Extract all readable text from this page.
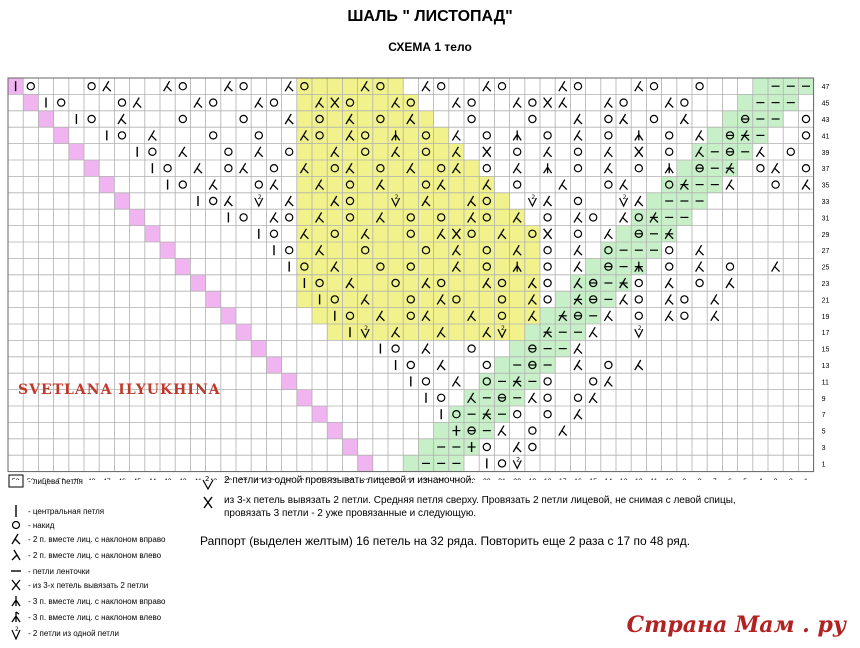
ШАЛЬ " ЛИСТОПАД"
СХЕМА 1 тело
2	2	2	2
2	2	2
2
47
45
43
41
39
37
35
33
31
29
27
25
23
21
19
17
15
13
11
9
7
5
3
1
SVETLANA ILYUKHINA
- лицева петля
- центральная петля
- накид
- 2 п. вместе лиц. с наклоном вправо
- 2 п. вместе лиц. с наклоном влево
- петли ленточки
- из 3-х петель вывязать 2 петли
- 3 п. вместе лиц. с наклоном вправо
- 3 п. вместе лиц. с наклоном влево
2 - 2 петли из одной петли
2 2 петли из одной провязывать лицевой и изнаночной.
из 3-х петель вывязать 2 петли. Средняя петля сверху. Провязать 2 петли лицевой, не снимая с левой спицы, провязать 3 петли - 2 уже провязанные и следующую.
Раппорт (выделен желтым) 16 петель на 32 ряда. Повторить еще 2 раза с 17 по 48 ряд.
Страна Мам . ру
